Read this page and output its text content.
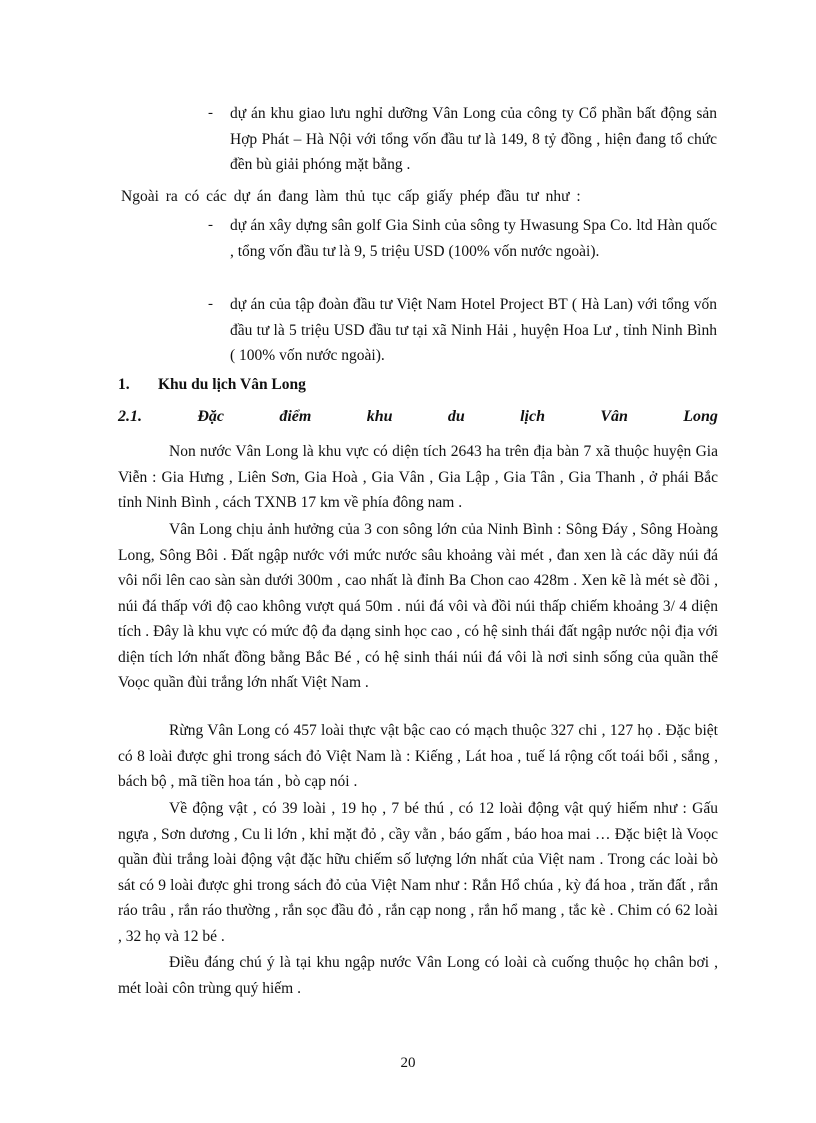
- dự án khu giao lưu nghỉ dưỡng Vân Long của công ty Cổ phần bất động sản Hợp Phát – Hà Nội với tổng vốn đầu tư là 149, 8 tỷ đồng , hiện đang tổ chức đền bù giải phóng mặt bằng .
Ngoài ra có các dự án đang làm thủ tục cấp giấy phép đầu tư như :
- dự án xây dựng sân golf Gia Sinh của sông ty Hwasung Spa Co. ltd Hàn quốc , tổng vốn đầu tư là 9, 5 triệu USD (100% vốn nước ngoài).
- dự án của tập đoàn đầu tư Việt Nam Hotel Project BT ( Hà Lan) với tổng vốn đầu tư là 5 triệu USD đầu tư tại xã Ninh Hải , huyện Hoa Lư , tỉnh Ninh Bình ( 100% vốn nước ngoài).
1. Khu du lịch Vân Long
2.1.	Đặc	điểm	khu	du	lịch	Vân	Long
Non nước Vân Long là khu vực có diện tích 2643 ha trên địa bàn 7 xã thuộc huyện Gia Viễn : Gia Hưng , Liên Sơn, Gia Hoà , Gia Vân , Gia Lập , Gia Tân , Gia Thanh , ở phái Bắc tỉnh Ninh Bình , cách TXNB 17 km về phía đông nam .
Vân Long chịu ảnh hưởng của 3 con sông lớn của Ninh Bình : Sông Đáy , Sông Hoàng Long, Sông Bôi . Đất ngập nước với mức nước sâu khoảng vài mét , đan xen là các dãy núi đá vôi nổi lên cao sàn sàn dưới 300m , cao nhất là đỉnh Ba Chon cao 428m . Xen kẽ là mét sè đồi , núi đá thấp với độ cao không vượt quá 50m . núi đá vôi và đồi núi thấp chiếm khoảng 3/ 4 diện tích . Đây là khu vực có mức độ đa dạng sinh học cao , có hệ sinh thái đất ngập nước nội địa với diện tích lớn nhất đồng bằng Bắc Bé , có hệ sinh thái núi đá vôi là nơi sinh sống của quần thể Voọc quần đùi trắng lớn nhất Việt Nam .
Rừng Vân Long có 457 loài thực vật bậc cao có mạch thuộc 327 chi , 127 họ . Đặc biệt có 8 loài được ghi trong sách đỏ Việt Nam là : Kiếng , Lát hoa , tuế lá rộng cốt toái bổi , sắng , bách bộ , mã tiền hoa tán , bò cạp nói .
Về động vật , có 39 loài , 19 họ , 7 bé thú , có 12 loài động vật quý hiếm như : Gấu ngựa , Sơn dương , Cu li lớn , khỉ mặt đỏ , cầy vằn , báo gấm , báo hoa mai … Đặc biệt là Voọc quần đùi trắng loài động vật đặc hữu chiếm số lượng lớn nhất của Việt nam . Trong các loài bò sát có 9 loài được ghi trong sách đỏ của Việt Nam như : Rắn Hổ chúa , kỳ đá hoa , trăn đất , rắn ráo trâu , rắn ráo thường , rắn sọc đầu đỏ , rắn cạp nong , rắn hổ mang , tắc kè . Chim có 62 loài , 32 họ và 12 bé .
Điều đáng chú ý là tại khu ngập nước Vân Long có loài cà cuống thuộc họ chân bơi , mét loài côn trùng quý hiếm .
20
